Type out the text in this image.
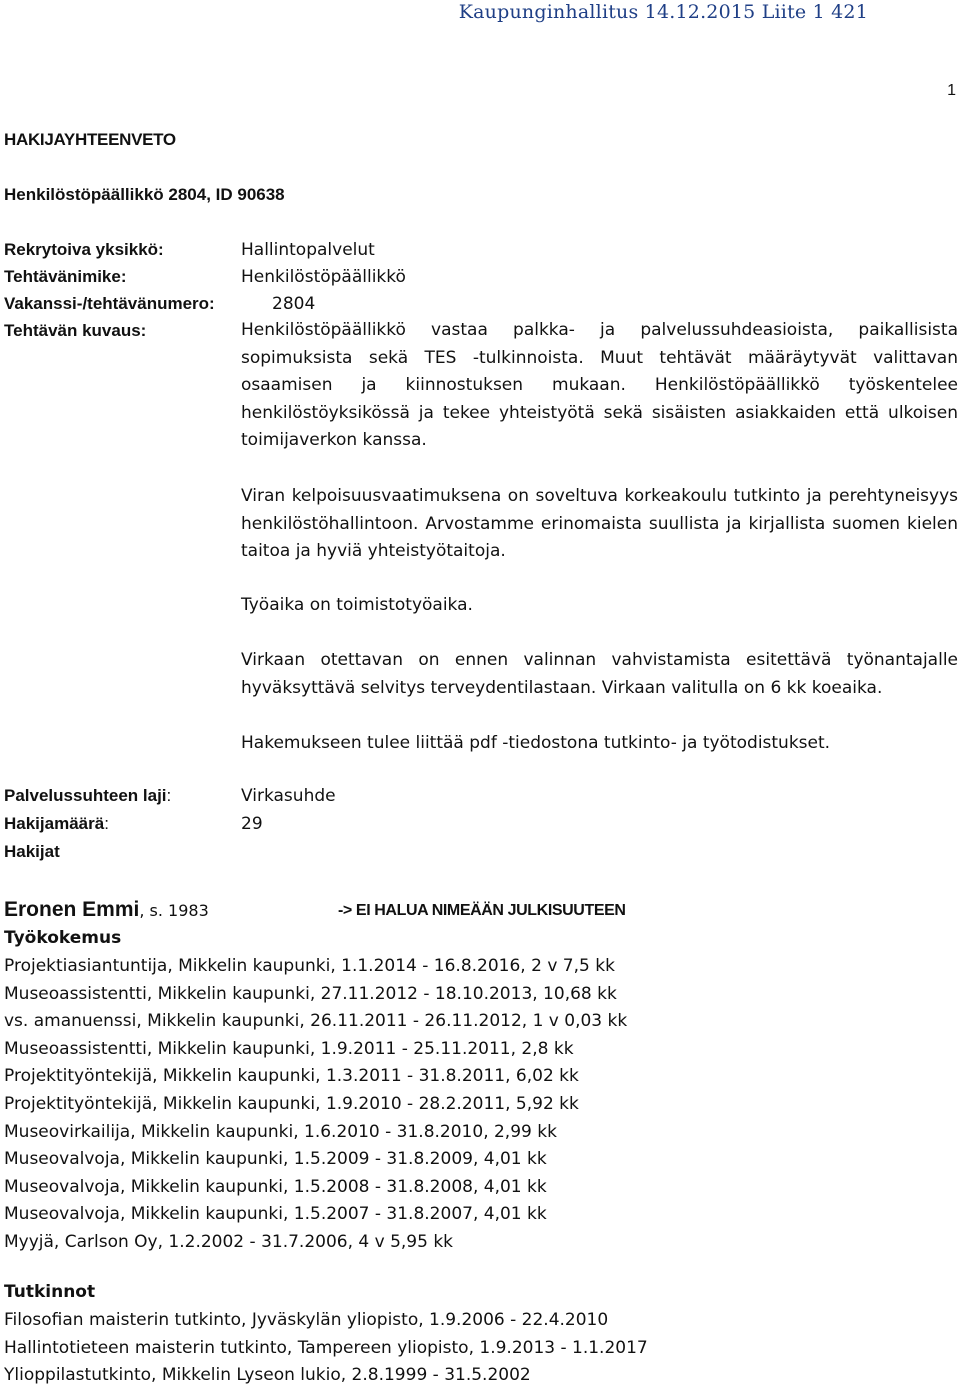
Kaupunginhallitus 14.12.2015 Liite 1 421
1
HAKIJAYHTEENVETO
Henkilöstöpäällikkö 2804, ID 90638
Rekrytoiva yksikkö:	Hallintopalvelut
Tehtävänimike:	Henkilöstöpäällikkö
Vakanssi-/tehtävänumero:	2804
Tehtävän kuvaus:	Henkilöstöpäällikkö vastaa palkka- ja palvelussuhdeasioista, paikallisista sopimuksista sekä TES -tulkinnoista. Muut tehtävät määräytyvät valittavan osaamisen ja kiinnostuksen mukaan. Henkilöstöpäällikkö työskentelee henkilöstöyksikössä ja tekee yhteistyötä sekä sisäisten asiakkaiden että ulkoisen toimijaverkon kanssa.

Viran kelpoisuusvaatimuksena on soveltuva korkeakoulu tutkinto ja perehtyneisyys henkilöstöhallintoon. Arvostamme erinomaista suullista ja kirjallista suomen kielen taitoa ja hyviä yhteistyötaitoja.

Työaika on toimistotyöaika.

Virkaan otettavan on ennen valinnan vahvistamista esitettävä työnantajalle hyväksyttävä selvitys terveydentilastaan. Virkaan valitulla on 6 kk koeaika.

Hakemukseen tulee liittää pdf -tiedostona tutkinto- ja työtodistukset.

Palvelussuhteen laji:	Virkasuhde
Hakijamäärä:	29
Hakijat
Eronen Emmi, s. 1983	-> EI HALUA NIMEÄÄN JULKISUUTEEN
Työkokemus
Projektiasiantuntija, Mikkelin kaupunki, 1.1.2014 - 16.8.2016, 2 v 7,5 kk
Museoassistentti, Mikkelin kaupunki, 27.11.2012 - 18.10.2013, 10,68 kk
vs. amanuenssi, Mikkelin kaupunki, 26.11.2011 - 26.11.2012, 1 v 0,03 kk
Museoassistentti, Mikkelin kaupunki, 1.9.2011 - 25.11.2011, 2,8 kk
Projektityöntekijä, Mikkelin kaupunki, 1.3.2011 - 31.8.2011, 6,02 kk
Projektityöntekijä, Mikkelin kaupunki, 1.9.2010 - 28.2.2011, 5,92 kk
Museovirkailija, Mikkelin kaupunki, 1.6.2010 - 31.8.2010, 2,99 kk
Museovalvoja, Mikkelin kaupunki, 1.5.2009 - 31.8.2009, 4,01 kk
Museovalvoja, Mikkelin kaupunki, 1.5.2008 - 31.8.2008, 4,01 kk
Museovalvoja, Mikkelin kaupunki, 1.5.2007 - 31.8.2007, 4,01 kk
Myyjä, Carlson Oy, 1.2.2002 - 31.7.2006, 4 v 5,95 kk
Tutkinnot
Filosofian maisterin tutkinto, Jyväskylän yliopisto, 1.9.2006 - 22.4.2010
Hallintotieteen maisterin tutkinto, Tampereen yliopisto, 1.9.2013 - 1.1.2017
Ylioppilastutkinto, Mikkelin Lyseon lukio, 2.8.1999 - 31.5.2002
